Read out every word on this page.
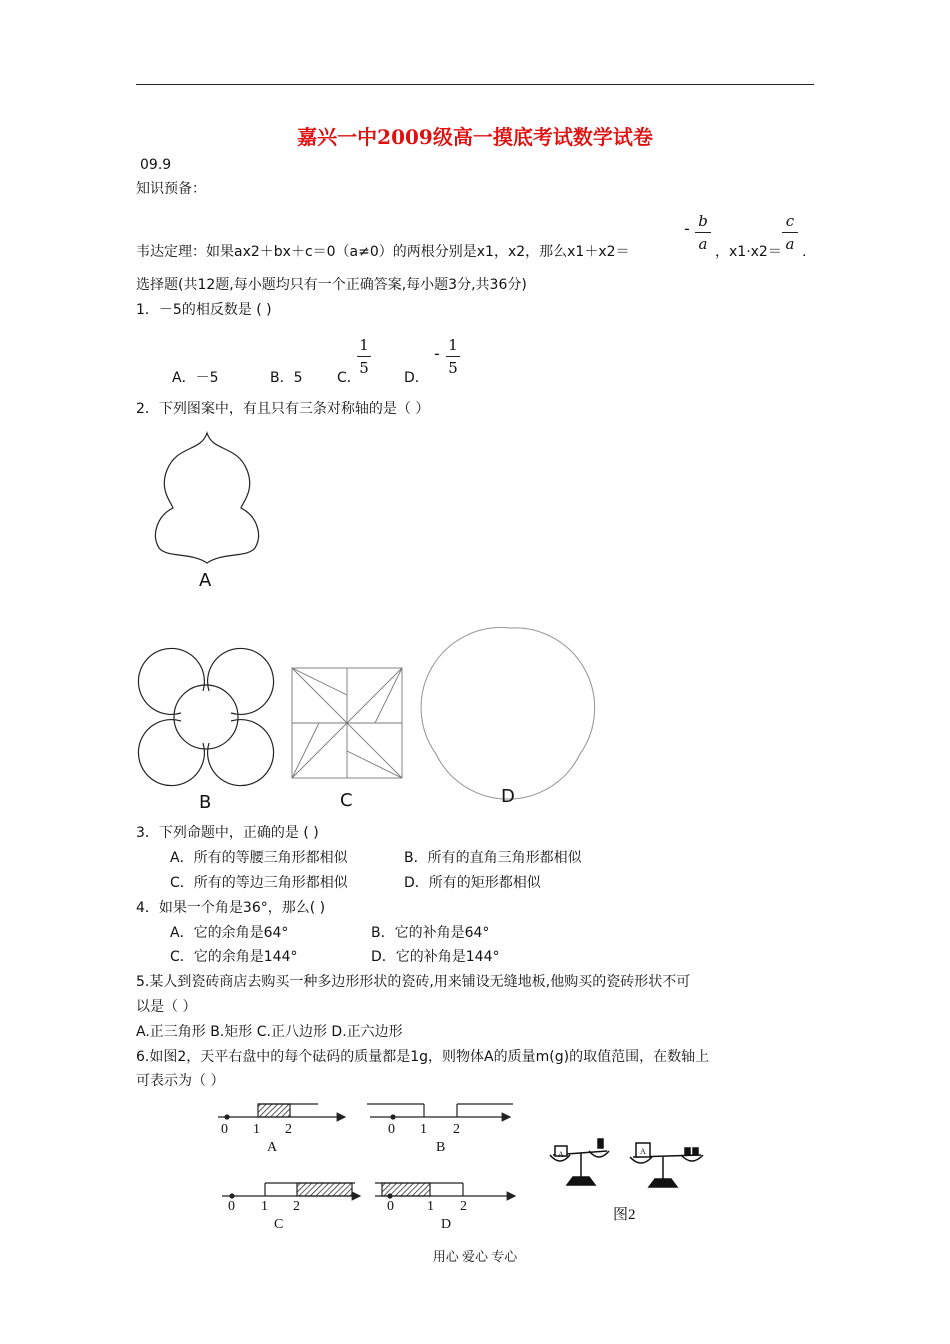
嘉兴一中2009级高一摸底考试数学试卷
09.9
知识预备：
韦达定理：如果ax2＋bx＋c＝0（a≠0）的两根分别是x1，x2，那么x1＋x2＝
- b
a ，x1·x2＝
c
a .
选择题(共12题,每小题均只有一个正确答案,每小题3分,共36分)
1．－5的相反数是 ( )
A．－5	B．5 C．
1
5
D．
- 1
5
2．下列图案中，有且只有三条对称轴的是（ ）
A
B	C	D
3．下列命题中，正确的是 ( )
A．所有的等腰三角形都相似	B．所有的直角三角形都相似
C．所有的等边三角形都相似	D．所有的矩形都相似
4．如果一个角是36°，那么( )
A．它的余角是64°	B．它的补角是64°
C．它的余角是144°	D．它的补角是144°
5.某人到瓷砖商店去购买一种多边形形状的瓷砖,用来铺设无缝地板,他购买的瓷砖形状不可
以是（ ）
A.正三角形 B.矩形 C.正八边形 D.正六边形
6.如图2，天平右盘中的每个砝码的质量都是1g，则物体A的质量m(g)的取值范围，在数轴上
可表示为（ ）
0 1 2
A
0 1 2
B
0 1 2
C
0 1 2
D
A	A
图2
用心 爱心 专心
